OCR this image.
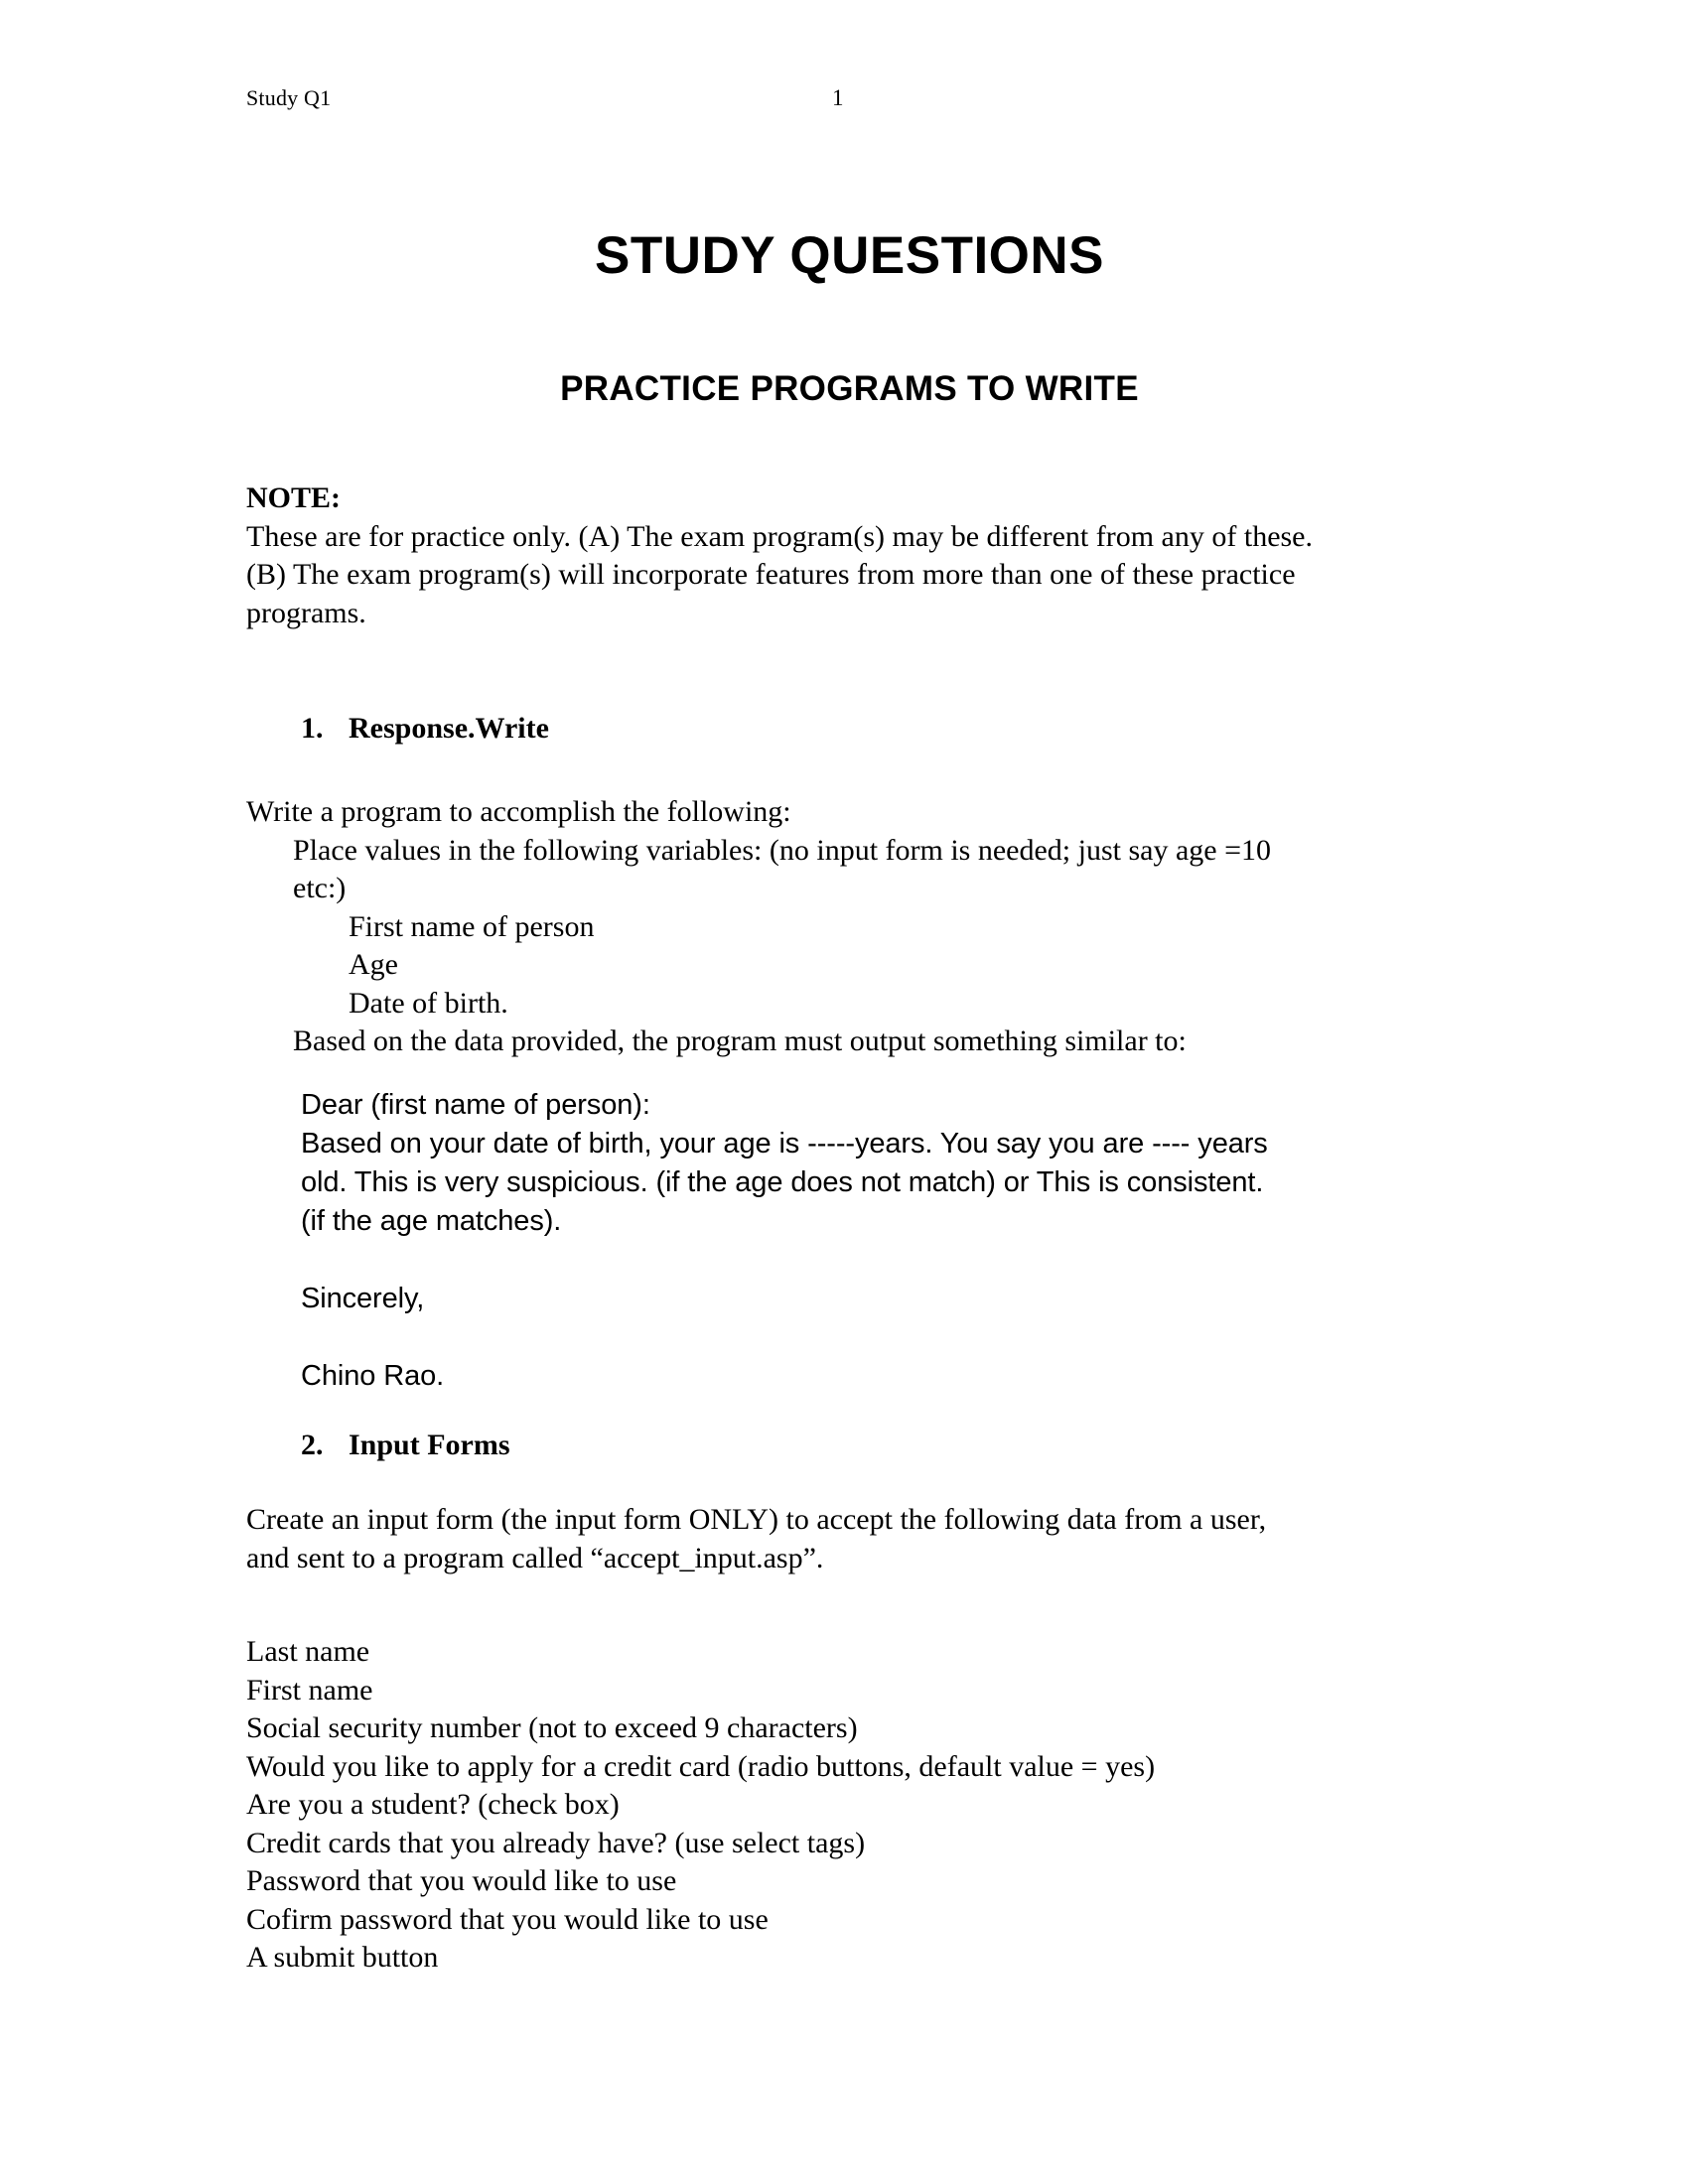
Study Q1	1
STUDY QUESTIONS
PRACTICE PROGRAMS TO WRITE
NOTE:
These are for practice only. (A) The exam program(s) may be different from any of these.
(B) The exam program(s) will incorporate features from more than one of these practice
programs.
1. Response.Write
Write a program to accomplish the following:
Place values in the following variables: (no input form is needed; just say age =10
etc:)
First name of person
Age
Date of birth.
Based on the data provided, the program must output something similar to:
Dear (first name of person):
Based on your date of birth, your age is -----years. You say you are ---- years
old. This is very suspicious. (if the age does not match) or This is consistent.
(if the age matches).
Sincerely,
Chino Rao.
2. Input Forms
Create an input form (the input form ONLY) to accept the following data from a user,
and sent to a program called “accept_input.asp”.
Last name
First name
Social security number (not to exceed 9 characters)
Would you like to apply for a credit card (radio buttons, default value = yes)
Are you a student? (check box)
Credit cards that you already have? (use select tags)
Password that you would like to use
Cofirm password that you would like to use
A submit button
